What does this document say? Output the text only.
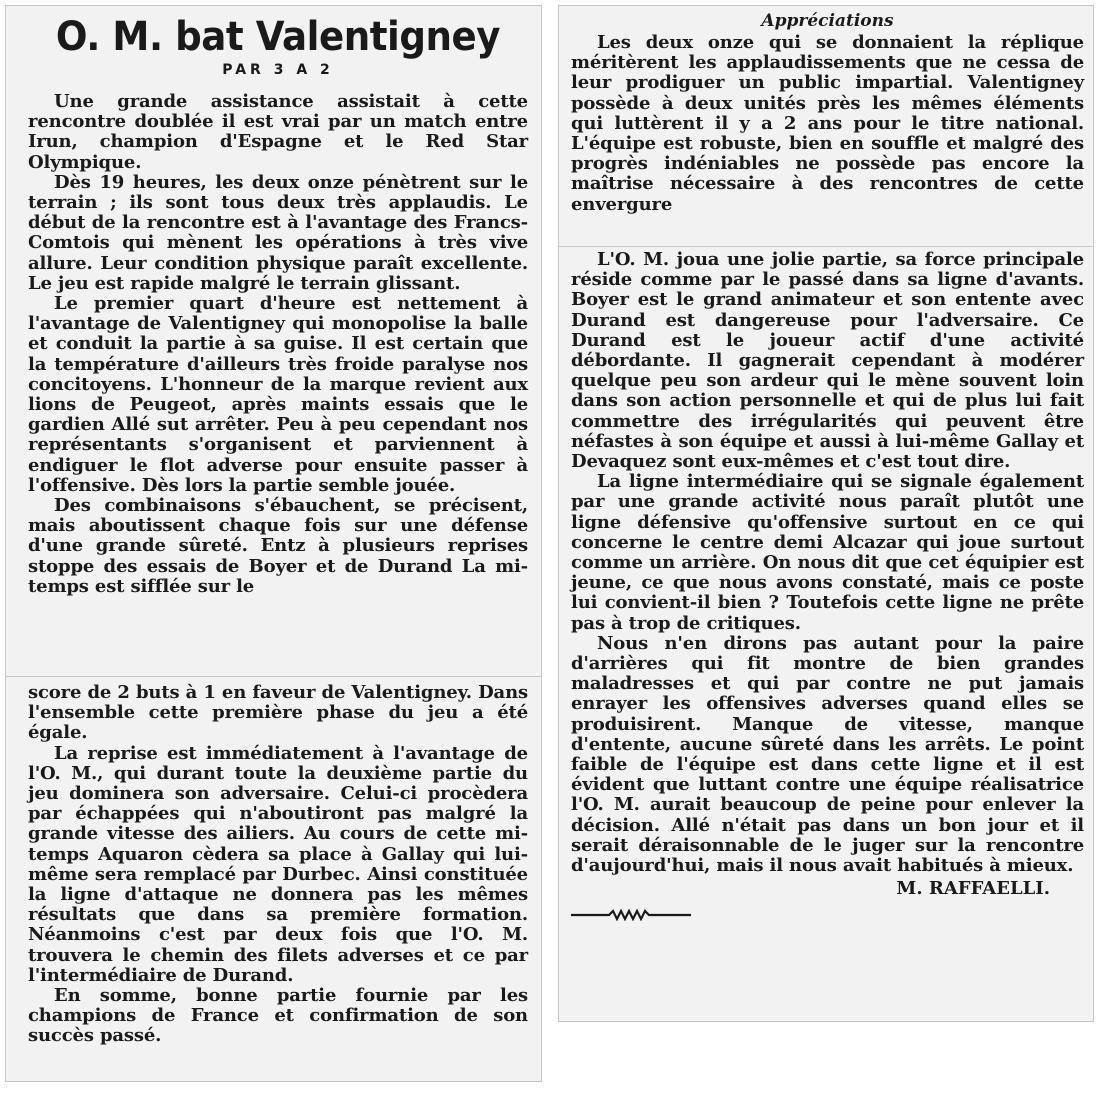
O. M. bat Valentigney
PAR 3 A 2

Une grande assistance assistait à cette rencontre doublée il est vrai par un match entre Irun, champion d'Espagne et le Red Star Olympique.

Dès 19 heures, les deux onze pénètrent sur le terrain ; ils sont tous deux très applaudis. Le début de la rencontre est à l'avantage des Francs-Comtois qui mènent les opérations à très vive allure. Leur condition physique paraît excellente. Le jeu est rapide malgré le terrain glissant.

Le premier quart d'heure est nettement à l'avantage de Valentigney qui monopolise la balle et conduit la partie à sa guise. Il est certain que la température d'ailleurs très froide paralyse nos concitoyens. L'honneur de la marque revient aux lions de Peugeot, après maints essais que le gardien Allé sut arrêter. Peu à peu cependant nos représentants s'organisent et parviennent à endiguer le flot adverse pour ensuite passer à l'offensive. Dès lors la partie semble jouée.

Des combinaisons s'ébauchent, se précisent, mais aboutissent chaque fois sur une défense d'une grande sûreté. Entz à plusieurs reprises stoppe des essais de Boyer et de Durand La mi-temps est sifflée sur le

score de 2 buts à 1 en faveur de Valentigney. Dans l'ensemble cette première phase du jeu a été égale.

La reprise est immédiatement à l'avantage de l'O. M., qui durant toute la deuxième partie du jeu dominera son adversaire. Celui-ci procèdera par échappées qui n'aboutiront pas malgré la grande vitesse des ailiers. Au cours de cette mi-temps Aquaron cèdera sa place à Gallay qui lui-même sera remplacé par Durbec. Ainsi constituée la ligne d'attaque ne donnera pas les mêmes résultats que dans sa première formation. Néanmoins c'est par deux fois que l'O. M. trouvera le chemin des filets adverses et ce par l'intermédiaire de Durand.

En somme, bonne partie fournie par les champions de France et confirmation de son succès passé.

Appréciations

Les deux onze qui se donnaient la réplique méritèrent les applaudissements que ne cessa de leur prodiguer un public impartial. Valentigney possède à deux unités près les mêmes éléments qui luttèrent il y a 2 ans pour le titre national. L'équipe est robuste, bien en souffle et malgré des progrès indéniables ne possède pas encore la maîtrise nécessaire à des rencontres de cette envergure

L'O. M. joua une jolie partie, sa force principale réside comme par le passé dans sa ligne d'avants. Boyer est le grand animateur et son entente avec Durand est dangereuse pour l'adversaire. Ce Durand est le joueur actif d'une activité débordante. Il gagnerait cependant à modérer quelque peu son ardeur qui le mène souvent loin dans son action personnelle et qui de plus lui fait commettre des irrégularités qui peuvent être néfastes à son équipe et aussi à lui-même Gallay et Devaquez sont eux-mêmes et c'est tout dire.

La ligne intermédiaire qui se signale également par une grande activité nous paraît plutôt une ligne défensive qu'offensive surtout en ce qui concerne le centre demi Alcazar qui joue surtout comme un arrière. On nous dit que cet équipier est jeune, ce que nous avons constaté, mais ce poste lui convient-il bien ? Toutefois cette ligne ne prête pas à trop de critiques.

Nous n'en dirons pas autant pour la paire d'arrières qui fit montre de bien grandes maladresses et qui par contre ne put jamais enrayer les offensives adverses quand elles se produisirent. Manque de vitesse, manque d'entente, aucune sûreté dans les arrêts. Le point faible de l'équipe est dans cette ligne et il est évident que luttant contre une équipe réalisatrice l'O. M. aurait beaucoup de peine pour enlever la décision. Allé n'était pas dans un bon jour et il serait déraisonnable de le juger sur la rencontre d'aujourd'hui, mais il nous avait habitués à mieux.

M. RAFFAELLI.
